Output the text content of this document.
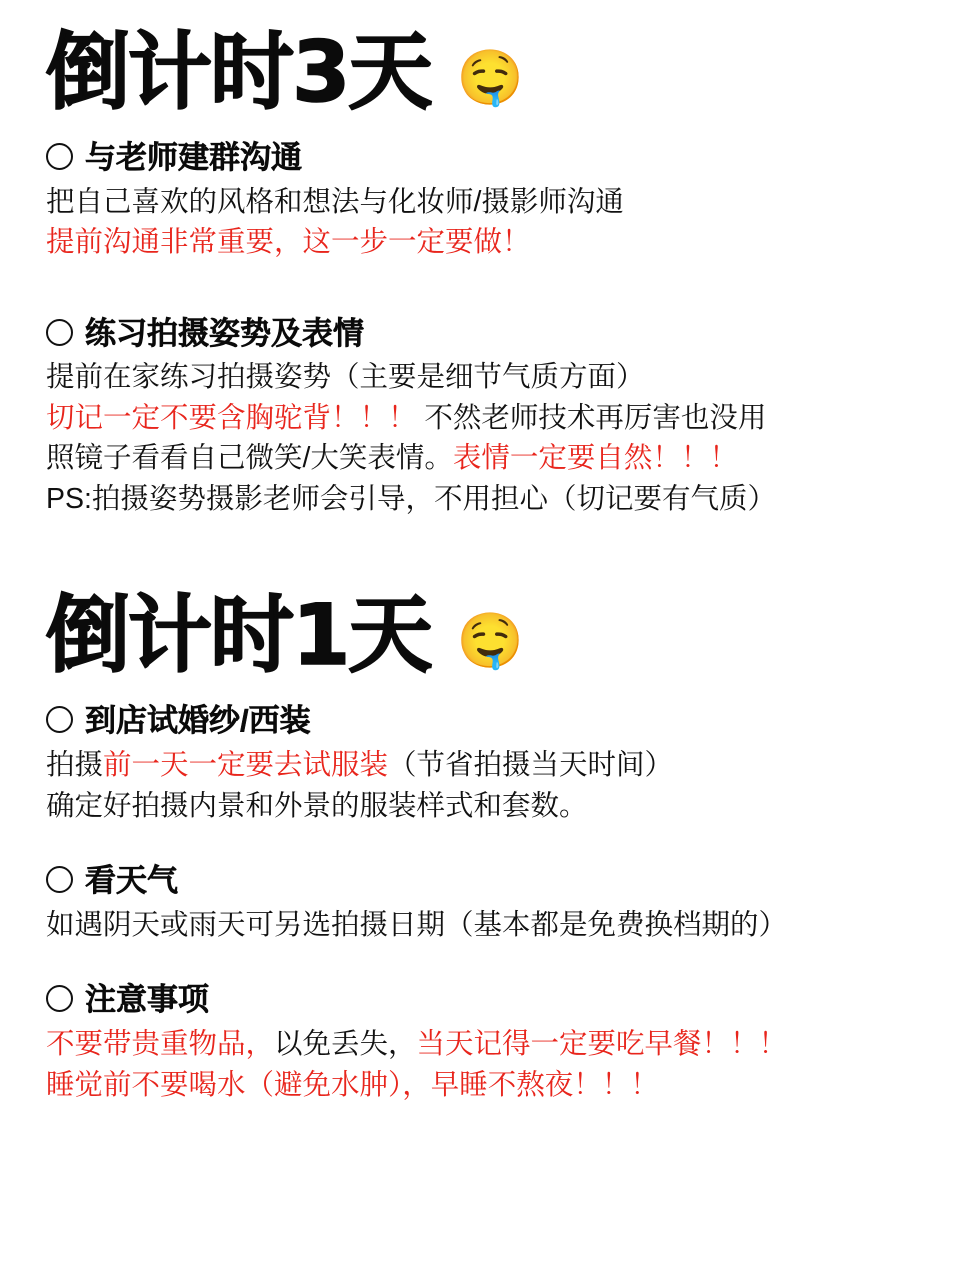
倒计时3天 🤤
与老师建群沟通
把自己喜欢的风格和想法与化妆师/摄影师沟通
提前沟通非常重要，这一步一定要做！
练习拍摄姿势及表情
提前在家练习拍摄姿势（主要是细节气质方面）
切记一定不要含胸驼背！！！ 不然老师技术再厉害也没用
照镜子看看自己微笑/大笑表情。表情一定要自然！！！
PS:拍摄姿势摄影老师会引导，不用担心（切记要有气质）
倒计时1天 🤤
到店试婚纱/西装
拍摄前一天一定要去试服装（节省拍摄当天时间）
确定好拍摄内景和外景的服装样式和套数。
看天气
如遇阴天或雨天可另选拍摄日期（基本都是免费换档期的）
注意事项
不要带贵重物品，以免丢失，当天记得一定要吃早餐！！！
睡觉前不要喝水（避免水肿），早睡不熬夜！！！
